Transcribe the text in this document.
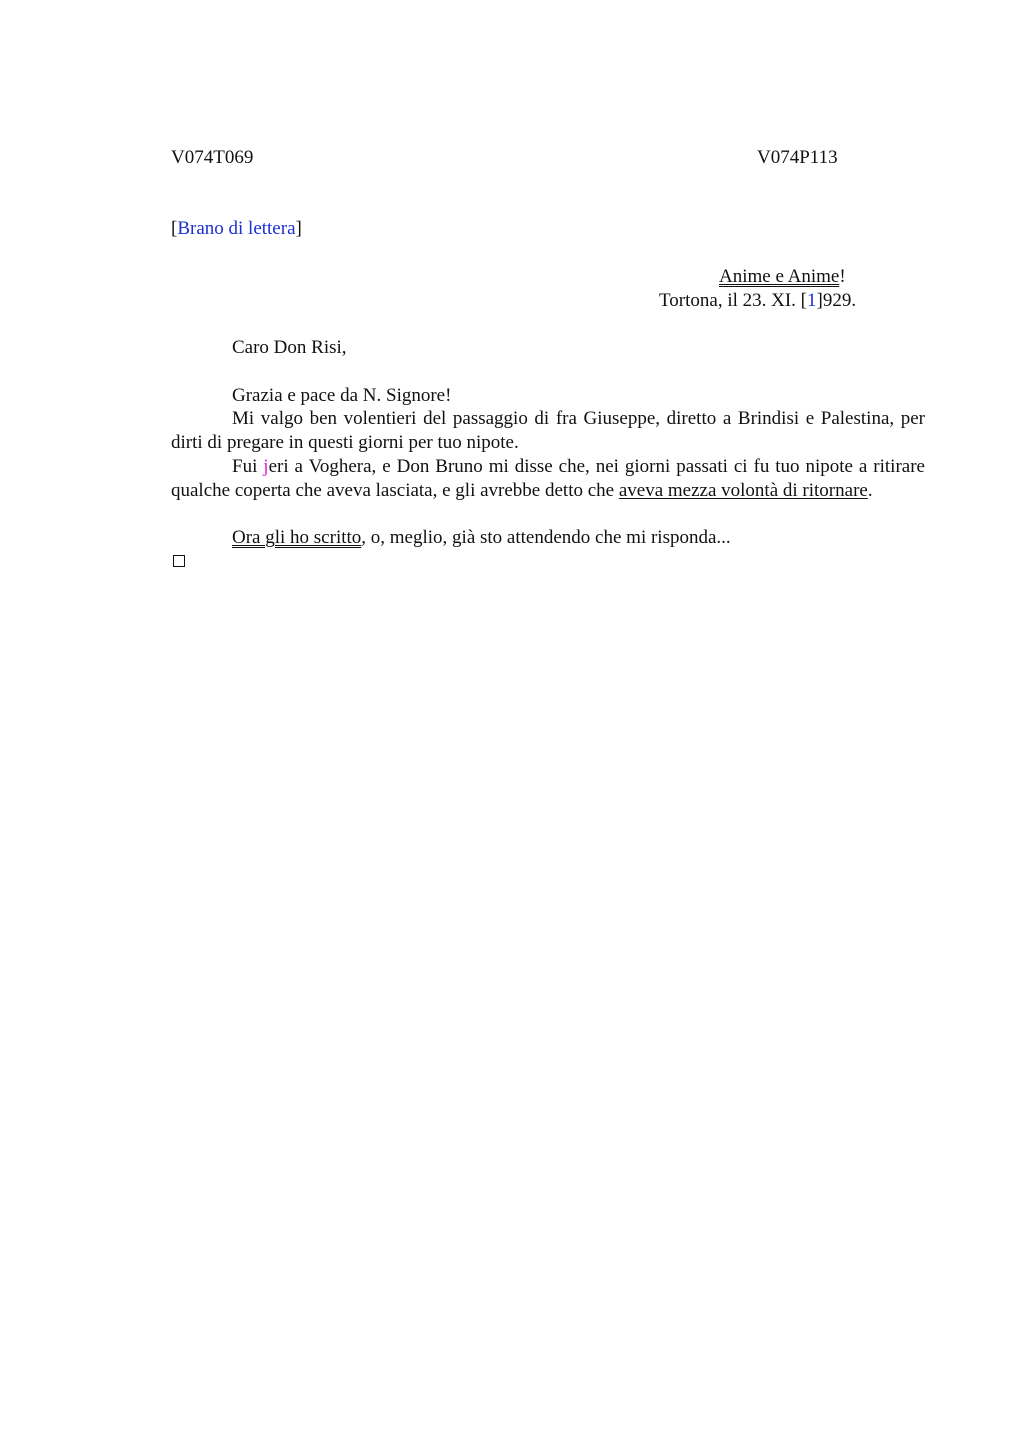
V074T069	V074P113
[Brano di lettera]
Anime e Anime!
Tortona, il 23. XI. [1]929.
Caro Don Risi,
Grazia e pace da N. Signore!
Mi valgo ben volentieri del passaggio di fra Giuseppe, diretto a Brindisi e Palestina, per dirti di pregare in questi giorni per tuo nipote.
Fui jeri a Voghera, e Don Bruno mi disse che, nei giorni passati ci fu tuo nipote a ritirare qualche coperta che aveva lasciata, e gli avrebbe detto che aveva mezza volontà di ritornare.
Ora gli ho scritto, o, meglio, già sto attendendo che mi risponda...
